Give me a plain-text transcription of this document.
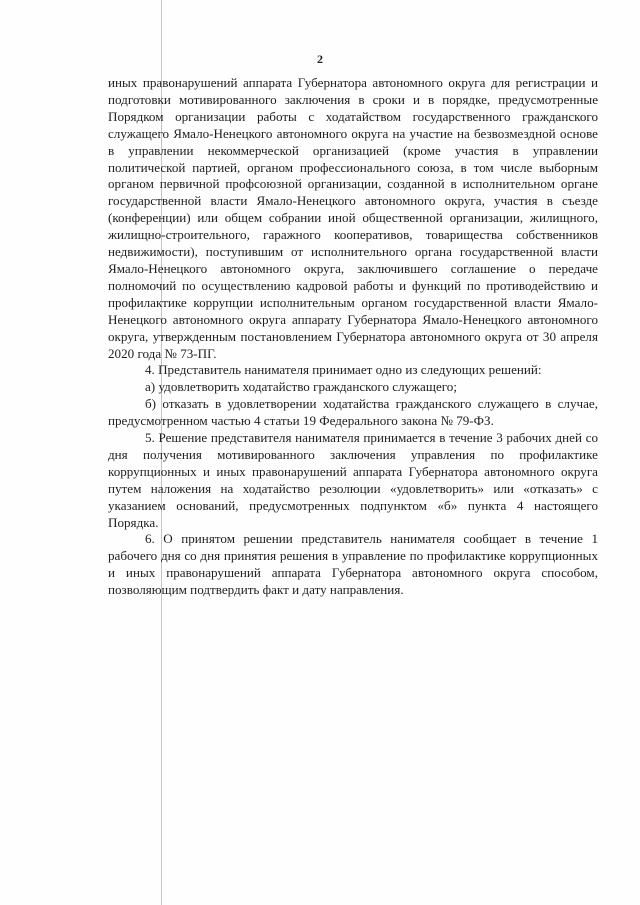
2

иных правонарушений аппарата Губернатора автономного округа для регистрации и подготовки мотивированного заключения в сроки и в порядке, предусмотренные Порядком организации работы с ходатайством государственного гражданского служащего Ямало-Ненецкого автономного округа на участие на безвозмездной основе в управлении некоммерческой организацией (кроме участия в управлении политической партией, органом профессионального союза, в том числе выборным органом первичной профсоюзной организации, созданной в исполнительном органе государственной власти Ямало-Ненецкого автономного округа, участия в съезде (конференции) или общем собрании иной общественной организации, жилищного, жилищно-строительного, гаражного кооперативов, товарищества собственников недвижимости), поступившим от исполнительного органа государственной власти Ямало-Ненецкого автономного округа, заключившего соглашение о передаче полномочий по осуществлению кадровой работы и функций по противодействию и профилактике коррупции исполнительным органом государственной власти Ямало-Ненецкого автономного округа аппарату Губернатора Ямало-Ненецкого автономного округа, утвержденным постановлением Губернатора автономного округа от 30 апреля 2020 года № 73-ПГ.

4. Представитель нанимателя принимает одно из следующих решений:

а) удовлетворить ходатайство гражданского служащего;

б) отказать в удовлетворении ходатайства гражданского служащего в случае, предусмотренном частью 4 статьи 19 Федерального закона № 79-ФЗ.

5. Решение представителя нанимателя принимается в течение 3 рабочих дней со дня получения мотивированного заключения управления по профилактике коррупционных и иных правонарушений аппарата Губернатора автономного округа путем наложения на ходатайство резолюции «удовлетворить» или «отказать» с указанием оснований, предусмотренных подпунктом «б» пункта 4 настоящего Порядка.

6. О принятом решении представитель нанимателя сообщает в течение 1 рабочего дня со дня принятия решения в управление по профилактике коррупционных и иных правонарушений аппарата Губернатора автономного округа способом, позволяющим подтвердить факт и дату направления.
